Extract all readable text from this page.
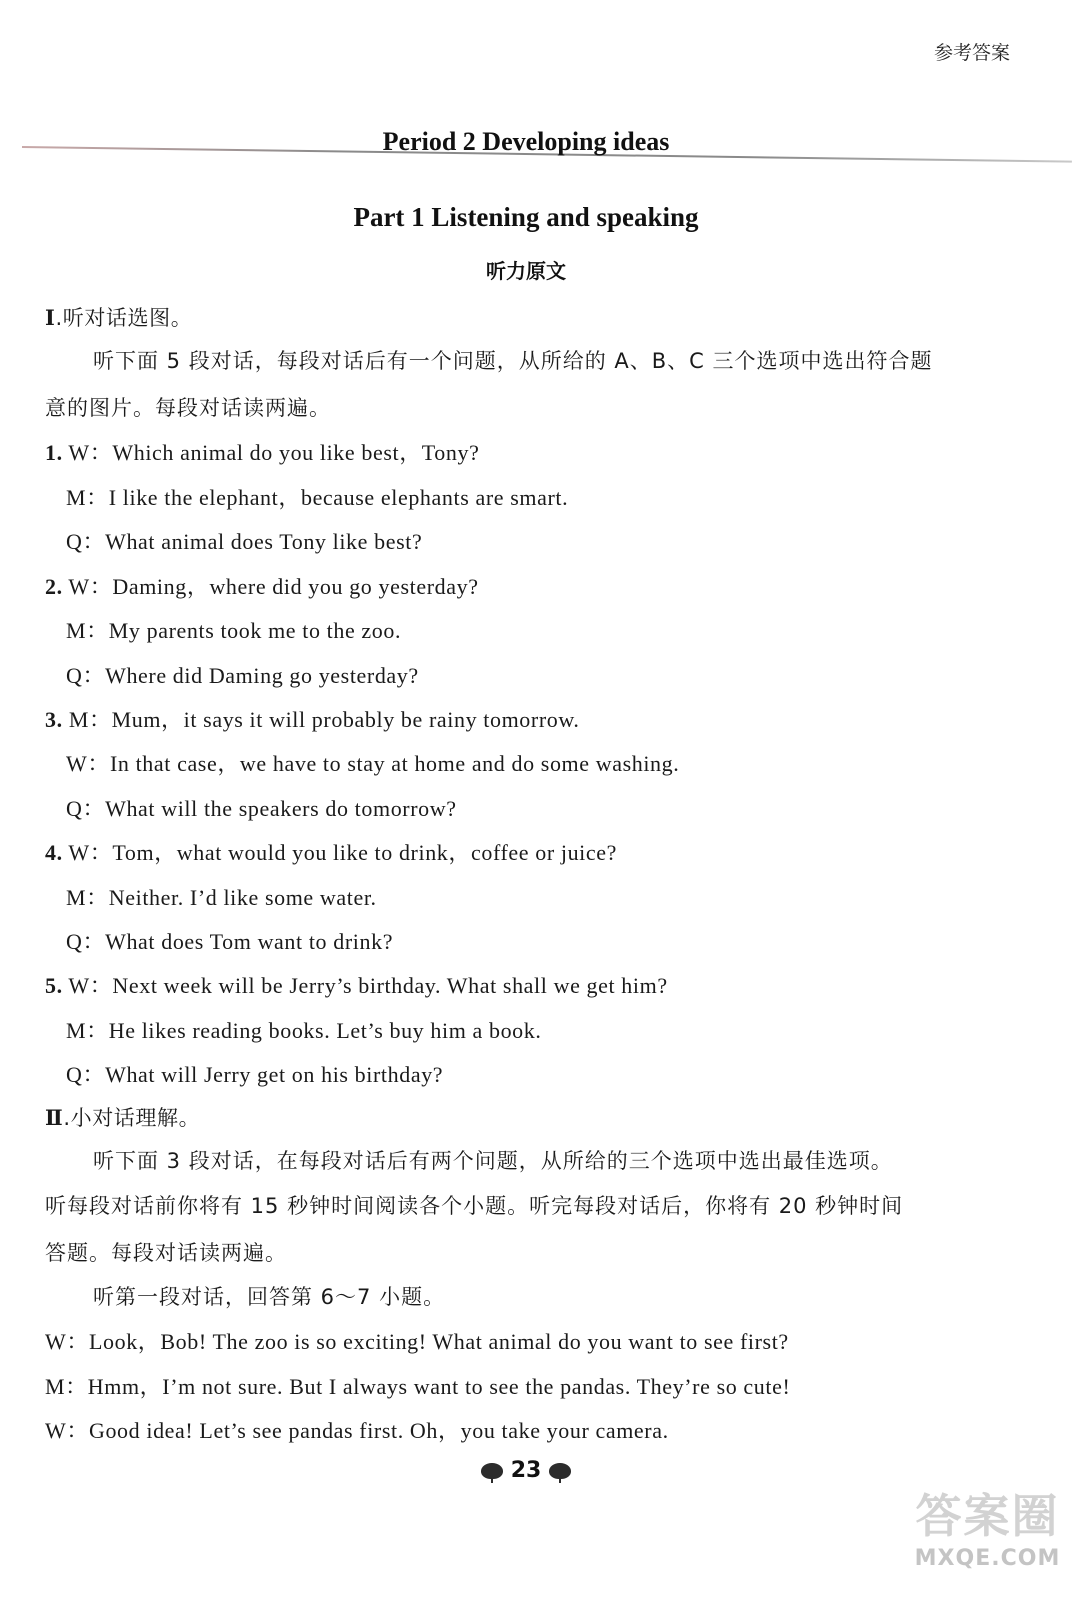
参考答案
Period 2 Developing ideas
Part 1 Listening and speaking
听力原文
Ⅰ.听对话选图。
听下面 5 段对话，每段对话后有一个问题，从所给的 A、B、C 三个选项中选出符合题
意的图片。每段对话读两遍。
1. W：Which animal do you like best，Tony?
M：I like the elephant，because elephants are smart.
Q：What animal does Tony like best?
2. W：Daming，where did you go yesterday?
M：My parents took me to the zoo.
Q：Where did Daming go yesterday?
3. M：Mum，it says it will probably be rainy tomorrow.
W：In that case，we have to stay at home and do some washing.
Q：What will the speakers do tomorrow?
4. W：Tom，what would you like to drink，coffee or juice?
M：Neither. I’d like some water.
Q：What does Tom want to drink?
5. W：Next week will be Jerry’s birthday. What shall we get him?
M：He likes reading books. Let’s buy him a book.
Q：What will Jerry get on his birthday?
Ⅱ.小对话理解。
听下面 3 段对话，在每段对话后有两个问题，从所给的三个选项中选出最佳选项。
听每段对话前你将有 15 秒钟时间阅读各个小题。听完每段对话后，你将有 20 秒钟时间
答题。每段对话读两遍。
听第一段对话，回答第 6～7 小题。
W：Look，Bob! The zoo is so exciting! What animal do you want to see first?
M：Hmm，I’m not sure. But I always want to see the pandas. They’re so cute!
W：Good idea! Let’s see pandas first. Oh，you take your camera.
23
答案圈
MXQE.COM
